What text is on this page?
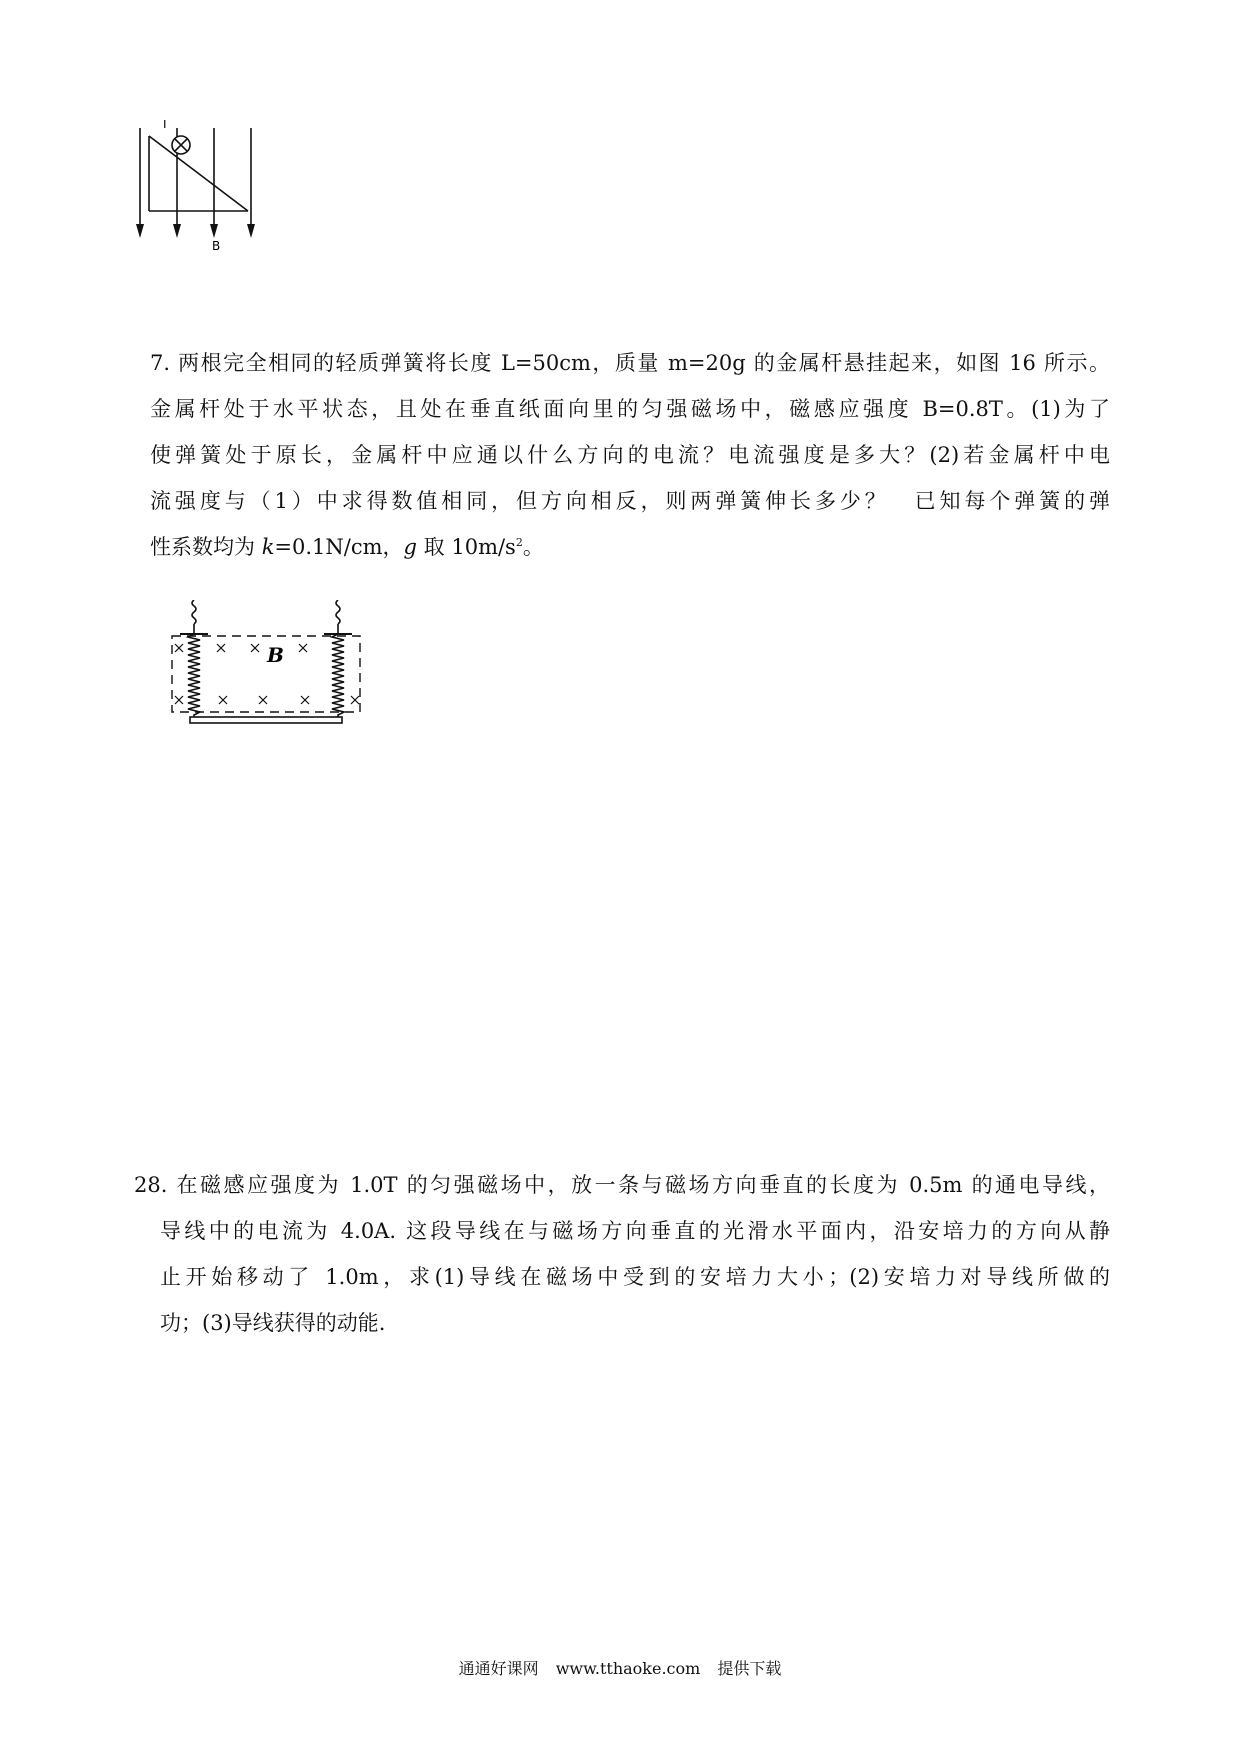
I
B
7. 两根完全相同的轻质弹簧将长度 L=50cm，质量 m=20g 的金属杆悬挂起来，如图 16 所示。
金属杆处于水平状态，且处在垂直纸面向里的匀强磁场中，磁感应强度 B=0.8T。(1)为了
使弹簧处于原长，金属杆中应通以什么方向的电流？电流强度是多大？(2)若金属杆中电
流强度与（1）中求得数值相同，但方向相反，则两弹簧伸长多少？　已知每个弹簧的弹
性系数均为 k=0.1N/cm，g 取 $10m/s^2$。
B
28. 在磁感应强度为 1.0T 的匀强磁场中，放一条与磁场方向垂直的长度为 0.5m 的通电导线，
导线中的电流为 4.0A. 这段导线在与磁场方向垂直的光滑水平面内，沿安培力的方向从静
止开始移动了 1.0m，求(1)导线在磁场中受到的安培力大小；(2)安培力对导线所做的
功；(3)导线获得的动能.
通通好课网 www.tthaoke.com 提供下载
